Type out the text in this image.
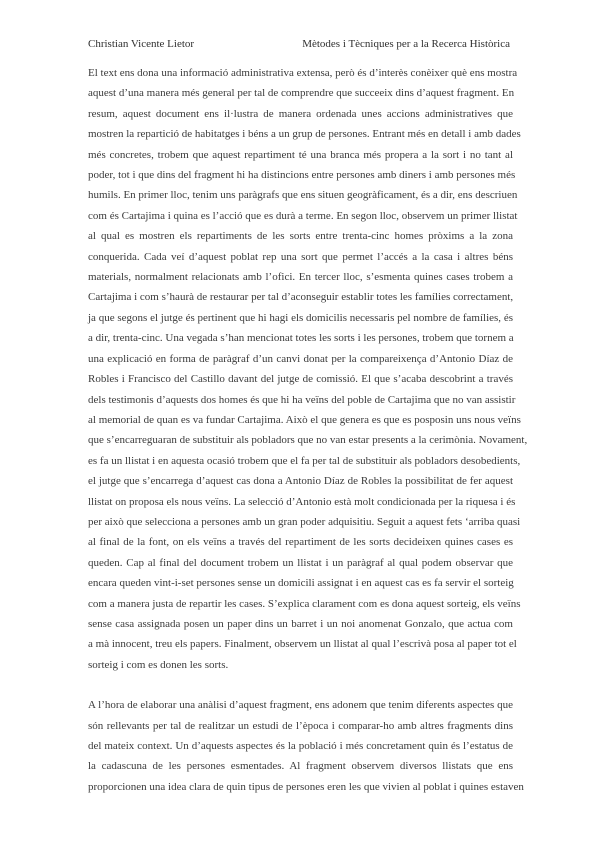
Christian Vicente Lietor	Mètodes i Tècniques per a la Recerca Històrica

El text ens dona una informació administrativa extensa, però és d’interès conèixer què ens mostra
aquest d’una manera més general per tal de comprendre que succeeix dins d’aquest fragment. En
resum, aquest document ens il·lustra de manera ordenada unes accions administratives que
mostren la repartició de habitatges i béns a un grup de persones. Entrant més en detall i amb dades
més concretes, trobem que aquest repartiment té una branca més propera a la sort i no tant al
poder, tot i que dins del fragment hi ha distincions entre persones amb diners i amb persones més
humils. En primer lloc, tenim uns paràgrafs que ens situen geogràficament, és a dir, ens descriuen
com és Cartajima i quina es l’acció que es durà a terme. En segon lloc, observem un primer llistat
al qual es mostren els repartiments de les sorts entre trenta-cinc homes pròxims a la zona
conquerida. Cada veí d’aquest poblat rep una sort que permet l’accés a la casa i altres béns
materials, normalment relacionats amb l’ofici. En tercer lloc, s’esmenta quines cases trobem a
Cartajima i com s’haurà de restaurar per tal d’aconseguir establir totes les famílies correctament,
ja que segons el jutge és pertinent que hi hagi els domicilis necessaris pel nombre de famílies, és
a dir, trenta-cinc. Una vegada s’han mencionat totes les sorts i les persones, trobem que tornem a
una explicació en forma de paràgraf d’un canvi donat per la compareixença d’Antonio Díaz de
Robles i Francisco del Castillo davant del jutge de comissió. El que s’acaba descobrint a través
dels testimonis d’aquests dos homes és que hi ha veïns del poble de Cartajima que no van assistir
al memorial de quan es va fundar Cartajima. Això el que genera es que es posposin uns nous veïns
que s’encarreguaran de substituir als pobladors que no van estar presents a la cerimònia. Novament,
es fa un llistat i en aquesta ocasió trobem que el fa per tal de substituir als pobladors desobedients,
el jutge que s’encarrega d’aquest cas dona a Antonio Díaz de Robles la possibilitat de fer aquest
llistat on proposa els nous veïns. La selecció d’Antonio està molt condicionada per la riquesa i és
per això que selecciona a persones amb un gran poder adquisitiu. Seguit a aquest fets ‘arriba quasi
al final de la font, on els veïns a través del repartiment de les sorts decideixen quines cases es
queden. Cap al final del document trobem un llistat i un paràgraf al qual podem observar que
encara queden vint-i-set persones sense un domicili assignat i en aquest cas es fa servir el sorteig
com a manera justa de repartir les cases. S’explica clarament com es dona aquest sorteig, els veïns
sense casa assignada posen un paper dins un barret i un noi anomenat Gonzalo, que actua com
a mà innocent, treu els papers. Finalment, observem un llistat al qual l’escrivà posa al paper tot el
sorteig i com es donen les sorts.

A l’hora de elaborar una anàlisi d’aquest fragment, ens adonem que tenim diferents aspectes que
són rellevants per tal de realitzar un estudi de l’època i comparar-ho amb altres fragments dins
del mateix context. Un d’aquests aspectes és la població i més concretament quin és l’estatus de
la cadascuna de les persones esmentades. Al fragment observem diversos llistats que ens
proporcionen una idea clara de quin tipus de persones eren les que vivien al poblat i quines estaven
